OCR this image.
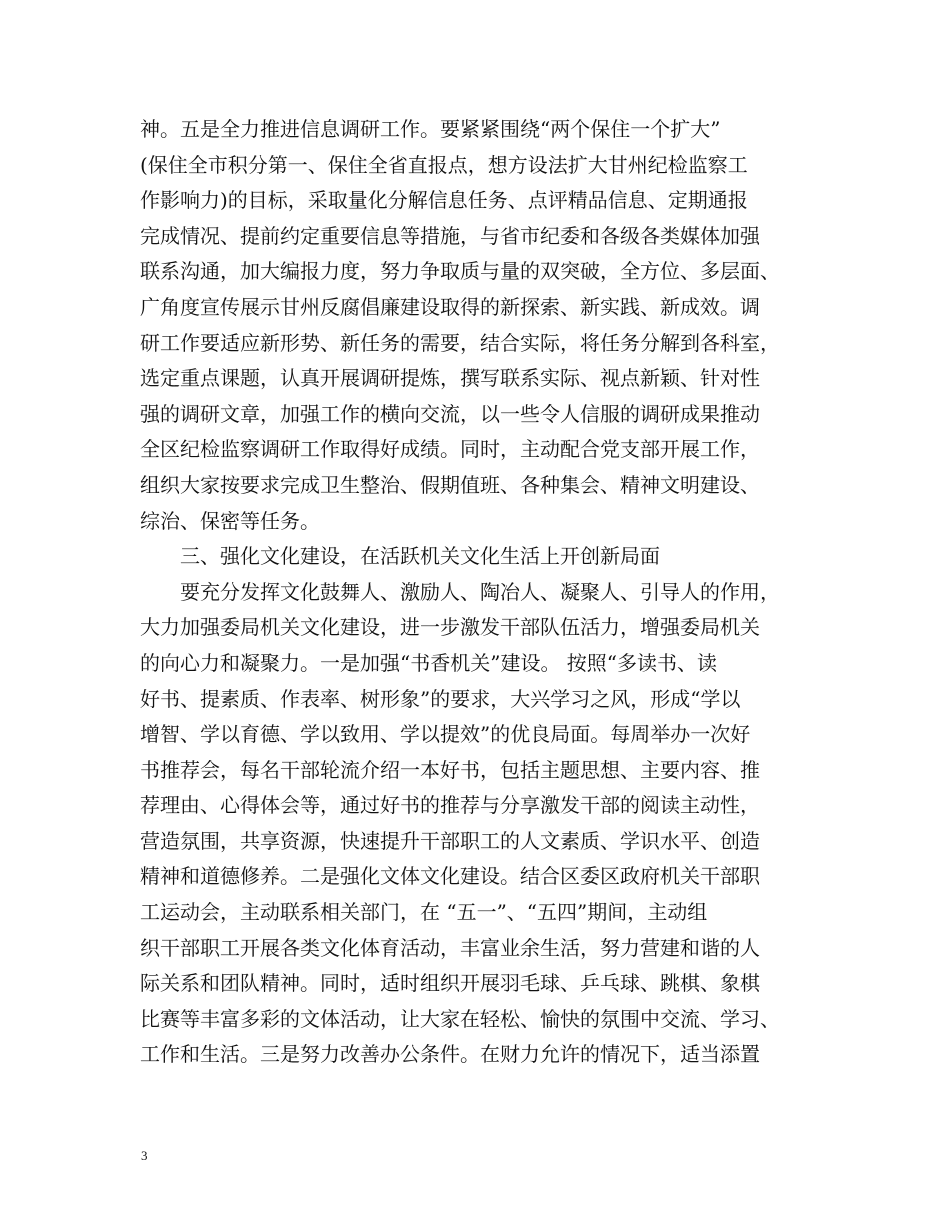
神。五是全力推进信息调研工作。要紧紧围绕“两个保住一个扩大”
(保住全市积分第一、保住全省直报点，想方设法扩大甘州纪检监察工
作影响力)的目标，采取量化分解信息任务、点评精品信息、定期通报
完成情况、提前约定重要信息等措施，与省市纪委和各级各类媒体加强
联系沟通，加大编报力度，努力争取质与量的双突破，全方位、多层面、
广角度宣传展示甘州反腐倡廉建设取得的新探索、新实践、新成效。调
研工作要适应新形势、新任务的需要，结合实际，将任务分解到各科室，
选定重点课题，认真开展调研提炼，撰写联系实际、视点新颖、针对性
强的调研文章，加强工作的横向交流，以一些令人信服的调研成果推动
全区纪检监察调研工作取得好成绩。同时，主动配合党支部开展工作，
组织大家按要求完成卫生整治、假期值班、各种集会、精神文明建设、
综治、保密等任务。
　　三、强化文化建设，在活跃机关文化生活上开创新局面
　　要充分发挥文化鼓舞人、激励人、陶冶人、凝聚人、引导人的作用，
大力加强委局机关文化建设，进一步激发干部队伍活力，增强委局机关
的向心力和凝聚力。一是加强“书香机关”建设。 按照“多读书、读
好书、提素质、作表率、树形象”的要求，大兴学习之风，形成“学以
增智、学以育德、学以致用、学以提效”的优良局面。每周举办一次好
书推荐会，每名干部轮流介绍一本好书，包括主题思想、主要内容、推
荐理由、心得体会等，通过好书的推荐与分享激发干部的阅读主动性，
营造氛围，共享资源，快速提升干部职工的人文素质、学识水平、创造
精神和道德修养。二是强化文体文化建设。结合区委区政府机关干部职
工运动会，主动联系相关部门，在 “五一”、“五四”期间，主动组
织干部职工开展各类文化体育活动，丰富业余生活，努力营建和谐的人
际关系和团队精神。同时，适时组织开展羽毛球、乒乓球、跳棋、象棋
比赛等丰富多彩的文体活动，让大家在轻松、愉快的氛围中交流、学习、
工作和生活。三是努力改善办公条件。在财力允许的情况下，适当添置
3
